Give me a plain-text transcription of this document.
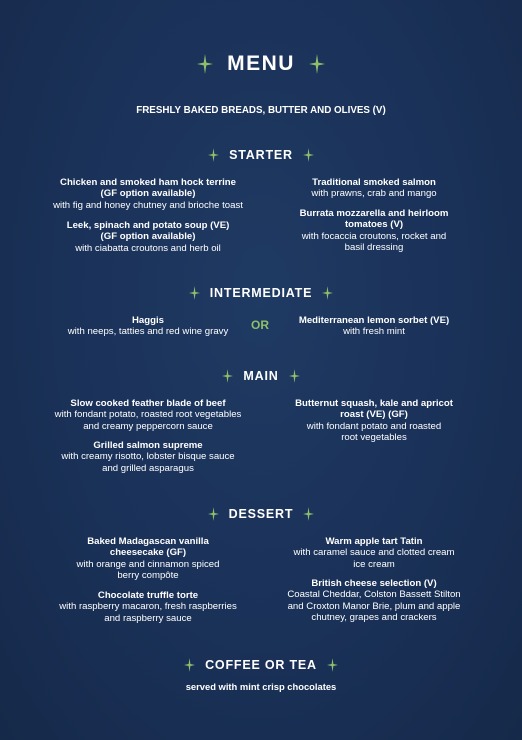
MENU
FRESHLY BAKED BREADS, BUTTER AND OLIVES (V)
STARTER
Chicken and smoked ham hock terrine
(GF option available)
with fig and honey chutney and brioche toast
Leek, spinach and potato soup (VE)
(GF option available)
with ciabatta croutons and herb oil
Traditional smoked salmon
with prawns, crab and mango
Burrata mozzarella and heirloom
tomatoes (V)
with focaccia croutons, rocket and
basil dressing
INTERMEDIATE
Haggis
with neeps, tatties and red wine gravy	OR	Mediterranean lemon sorbet (VE)
with fresh mint
MAIN
Slow cooked feather blade of beef
with fondant potato, roasted root vegetables
and creamy peppercorn sauce
Grilled salmon supreme
with creamy risotto, lobster bisque sauce
and grilled asparagus
Butternut squash, kale and apricot
roast (VE) (GF)
with fondant potato and roasted
root vegetables
DESSERT
Baked Madagascan vanilla
cheesecake (GF)
with orange and cinnamon spiced
berry compôte
Chocolate truffle torte
with raspberry macaron, fresh raspberries
and raspberry sauce
Warm apple tart Tatin
with caramel sauce and clotted cream
ice cream
British cheese selection (V)
Coastal Cheddar, Colston Bassett Stilton
and Croxton Manor Brie, plum and apple
chutney, grapes and crackers
COFFEE OR TEA
served with mint crisp chocolates
